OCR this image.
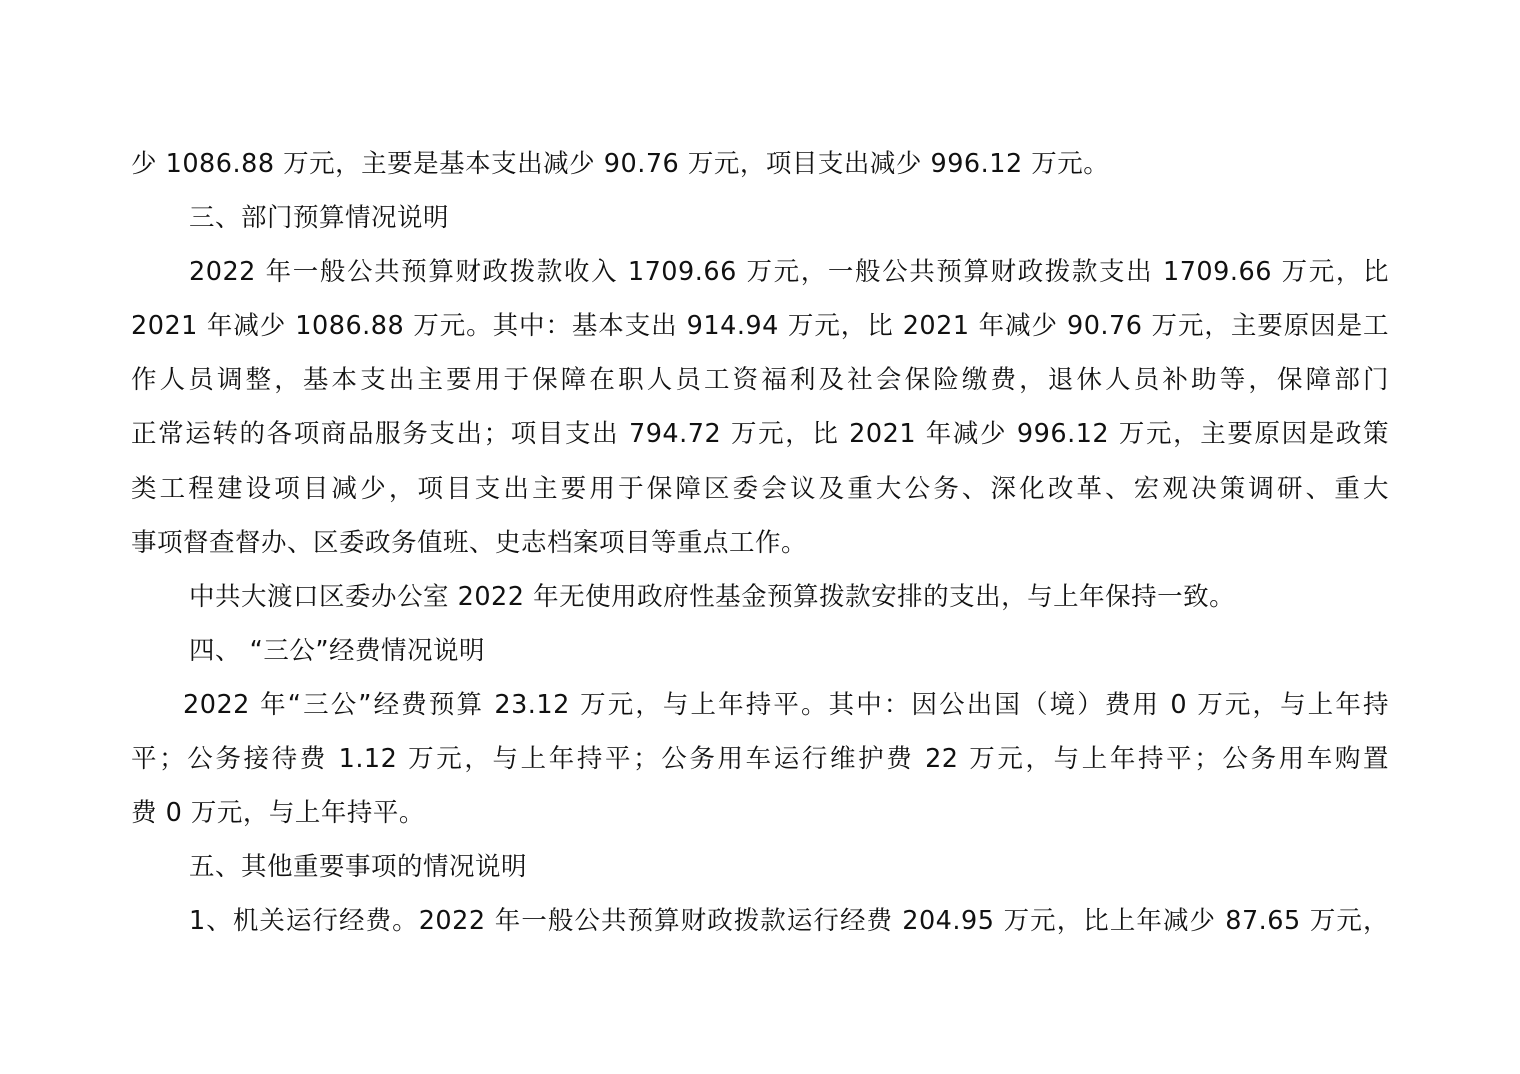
少 1086.88 万元，主要是基本支出减少 90.76 万元，项目支出减少 996.12 万元。
三、部门预算情况说明
2022 年一般公共预算财政拨款收入 1709.66 万元，一般公共预算财政拨款支出 1709.66 万元，比
2021 年减少 1086.88 万元。其中：基本支出 914.94 万元，比 2021 年减少 90.76 万元，主要原因是工
作人员调整，基本支出主要用于保障在职人员工资福利及社会保险缴费，退休人员补助等，保障部门
正常运转的各项商品服务支出；项目支出 794.72 万元，比 2021 年减少 996.12 万元，主要原因是政策
类工程建设项目减少，项目支出主要用于保障区委会议及重大公务、深化改革、宏观决策调研、重大
事项督查督办、区委政务值班、史志档案项目等重点工作。
中共大渡口区委办公室 2022 年无使用政府性基金预算拨款安排的支出，与上年保持一致。
四、 “三公”经费情况说明
2022 年“三公”经费预算 23.12 万元，与上年持平。其中：因公出国（境）费用 0 万元，与上年持
平；公务接待费 1.12 万元，与上年持平；公务用车运行维护费 22 万元，与上年持平；公务用车购置
费 0 万元，与上年持平。
五、其他重要事项的情况说明
1、机关运行经费。2022 年一般公共预算财政拨款运行经费 204.95 万元，比上年减少 87.65 万元，
